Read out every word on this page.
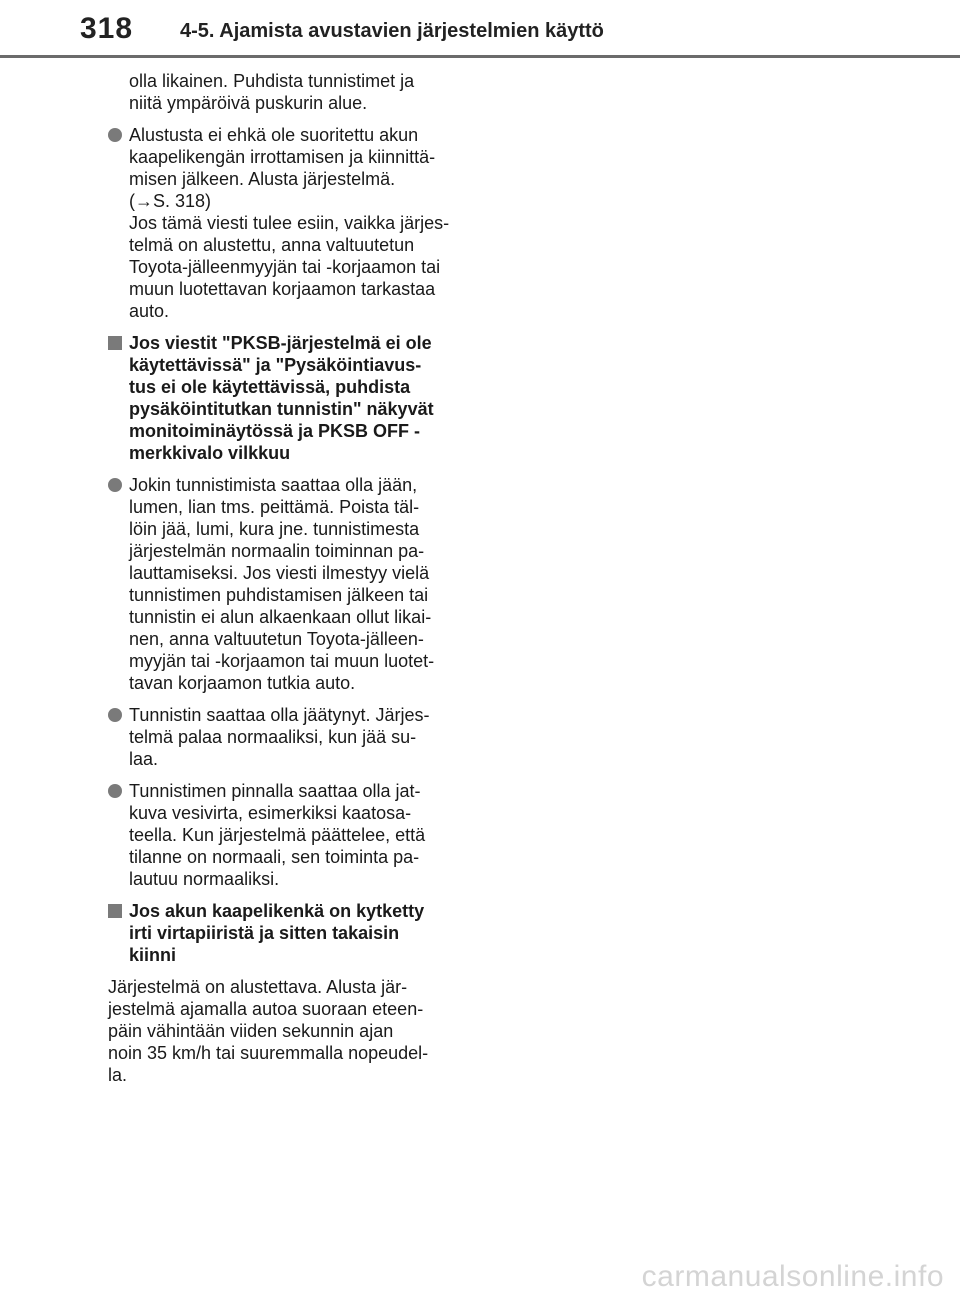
318 4-5. Ajamista avustavien järjestelmien käyttö
olla likainen. Puhdista tunnistimet ja
niitä ympäröivä puskurin alue.
Alustusta ei ehkä ole suoritettu akun
kaapelikengän irrottamisen ja kiinnittä-
misen jälkeen. Alusta järjestelmä.
(→S. 318)
Jos tämä viesti tulee esiin, vaikka järjes-
telmä on alustettu, anna valtuutetun
Toyota-jälleenmyyjän tai -korjaamon tai
muun luotettavan korjaamon tarkastaa
auto.
Jos viestit "PKSB-järjestelmä ei ole
käytettävissä" ja "Pysäköintiavus-
tus ei ole käytettävissä, puhdista
pysäköintitutkan tunnistin" näkyvät
monitoiminäytössä ja PKSB OFF -
merkkivalo vilkkuu
Jokin tunnistimista saattaa olla jään,
lumen, lian tms. peittämä. Poista täl-
löin jää, lumi, kura jne. tunnistimesta
järjestelmän normaalin toiminnan pa-
lauttamiseksi. Jos viesti ilmestyy vielä
tunnistimen puhdistamisen jälkeen tai
tunnistin ei alun alkaenkaan ollut likai-
nen, anna valtuutetun Toyota-jälleen-
myyjän tai -korjaamon tai muun luotet-
tavan korjaamon tutkia auto.
Tunnistin saattaa olla jäätynyt. Järjes-
telmä palaa normaaliksi, kun jää su-
laa.
Tunnistimen pinnalla saattaa olla jat-
kuva vesivirta, esimerkiksi kaatosa-
teella. Kun järjestelmä päättelee, että
tilanne on normaali, sen toiminta pa-
lautuu normaaliksi.
Jos akun kaapelikenkä on kytketty
irti virtapiiristä ja sitten takaisin
kiinni
Järjestelmä on alustettava. Alusta jär-
jestelmä ajamalla autoa suoraan eteen-
päin vähintään viiden sekunnin ajan
noin 35 km/h tai suuremmalla nopeudel-
la.
carmanualsonline.info
